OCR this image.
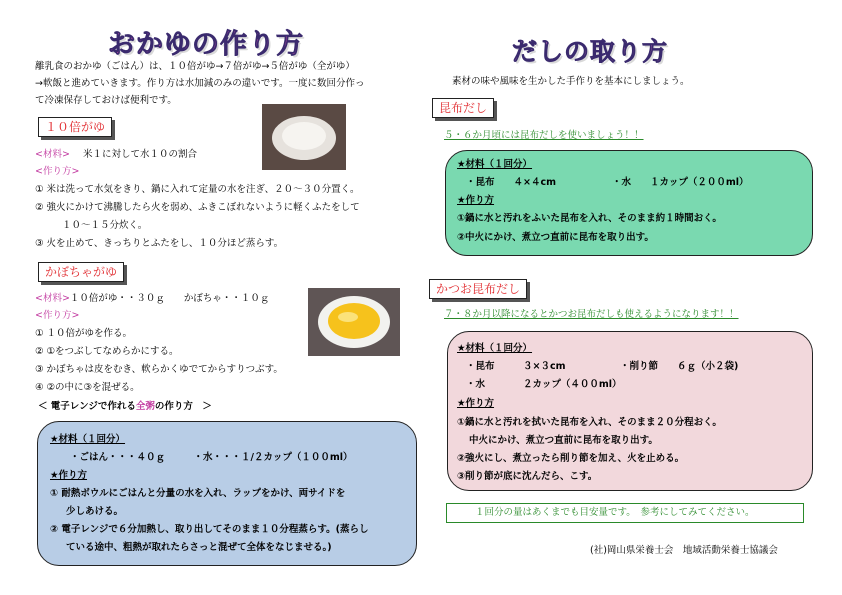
おかゆの作り方
離乳食のおかゆ（ごはん）は、１０倍がゆ→７倍がゆ→５倍がゆ（全がゆ）
→軟飯と進めていきます。作り方は水加減のみの違いです。一度に数回分作っ
て冷凍保存しておけば便利です。
１０倍がゆ
<材料> 米１に対して水１０の割合
<作り方>
① 米は洗って水気をきり、鍋に入れて定量の水を注ぎ、２０～３０分置く。
② 強火にかけて沸騰したら火を弱め、ふきこぼれないように軽くふたをして
１０～１５分炊く。
③ 火を止めて、きっちりとふたをし、１０分ほど蒸らす。
かぼちゃがゆ
<材料>１０倍がゆ・・３０ｇ　　かぼちゃ・・１０ｇ
<作り方>
① １０倍がゆを作る。
② ①をつぶしてなめらかにする。
③ かぼちゃは皮をむき、軟らかくゆでてからすりつぶす。
④ ②の中に③を混ぜる。
＜ 電子レンジで作れる全粥の作り方　＞
★材料（１回分）
・ごはん・・・４０ｇ　　　・水・・・１/２カップ（１００ml）
★作り方
① 耐熱ボウルにごはんと分量の水を入れ、ラップをかけ、両サイドを
少しあける。
② 電子レンジで６分加熱し、取り出してそのまま１０分程蒸らす。(蒸らし
ている途中、粗熱が取れたらさっと混ぜて全体をなじませる。)
だしの取り方
素材の味や風味を生かした手作りを基本にしましょう。
昆布だし
５・６か月頃には昆布だしを使いましょう！！
★材料（１回分）
・昆布　　４×４cm	・水　　１カップ（２００ml）
★作り方
①鍋に水と汚れをふいた昆布を入れ、そのまま約１時間おく。
②中火にかけ、煮立つ直前に昆布を取り出す。
かつお昆布だし
７・８か月以降になるとかつお昆布だしも使えるようになります！！
★材料（１回分）
・昆布　　　３×３cm	・削り節　　６ｇ（小２袋)
・水　　　　２カップ（４００ml）
★作り方
①鍋に水と汚れを拭いた昆布を入れ、そのまま２０分程おく。
中火にかけ、煮立つ直前に昆布を取り出す。
②強火にし、煮立ったら削り節を加え、火を止める。
③削り節が底に沈んだら、こす。
１回分の量はあくまでも目安量です。　参考にしてみてください。
(社)岡山県栄養士会　地域活動栄養士協議会
